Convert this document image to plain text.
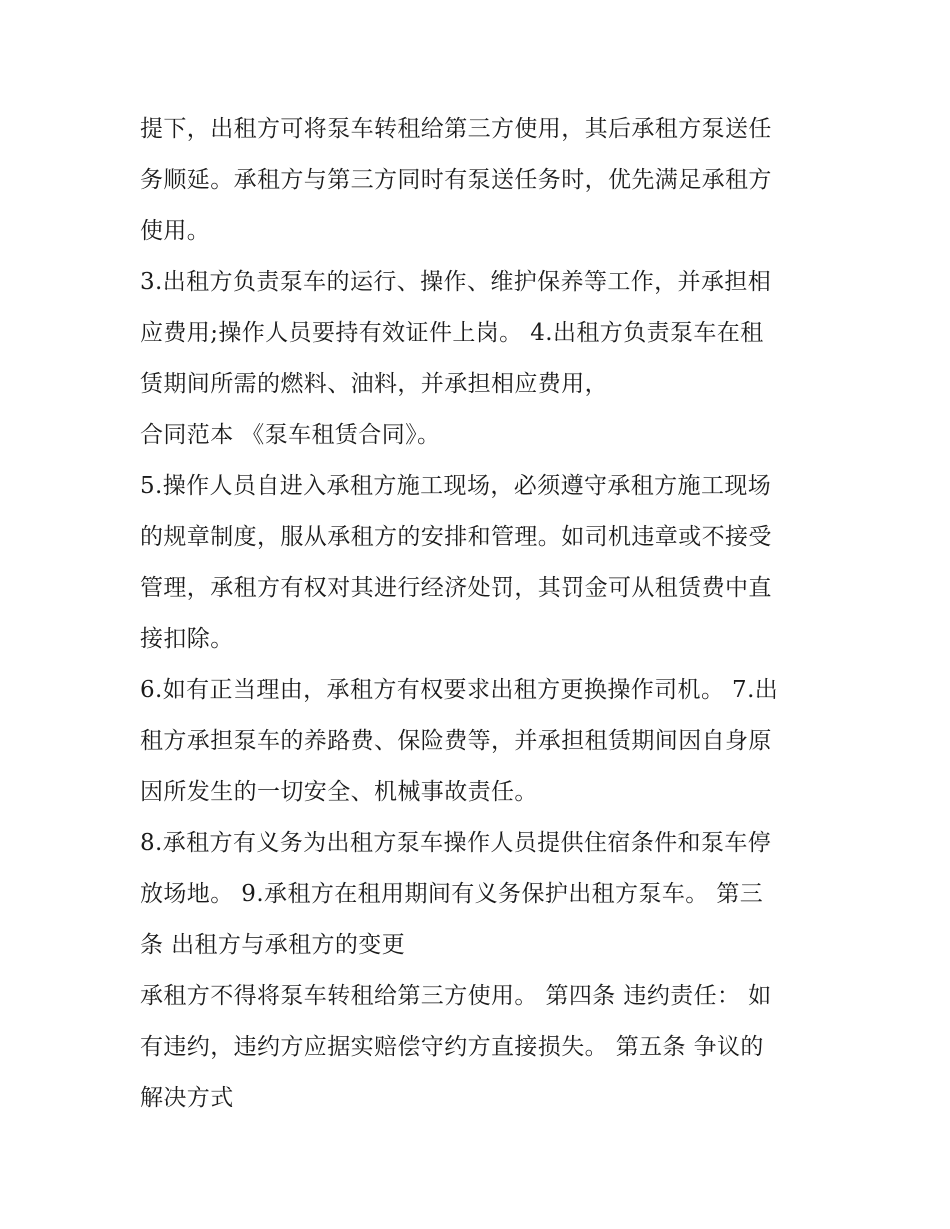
提下，出租方可将泵车转租给第三方使用，其后承租方泵送任
务顺延。承租方与第三方同时有泵送任务时，优先满足承租方
使用。
3.出租方负责泵车的运行、操作、维护保养等工作，并承担相
应费用;操作人员要持有效证件上岗。 4.出租方负责泵车在租
赁期间所需的燃料、油料，并承担相应费用，
合同范本 《泵车租赁合同》。
5.操作人员自进入承租方施工现场，必须遵守承租方施工现场
的规章制度，服从承租方的安排和管理。如司机违章或不接受
管理，承租方有权对其进行经济处罚，其罚金可从租赁费中直
接扣除。
6.如有正当理由，承租方有权要求出租方更换操作司机。 7.出
租方承担泵车的养路费、保险费等，并承担租赁期间因自身原
因所发生的一切安全、机械事故责任。
8.承租方有义务为出租方泵车操作人员提供住宿条件和泵车停
放场地。 9.承租方在租用期间有义务保护出租方泵车。 第三
条 出租方与承租方的变更
承租方不得将泵车转租给第三方使用。 第四条 违约责任： 如
有违约，违约方应据实赔偿守约方直接损失。 第五条 争议的
解决方式
